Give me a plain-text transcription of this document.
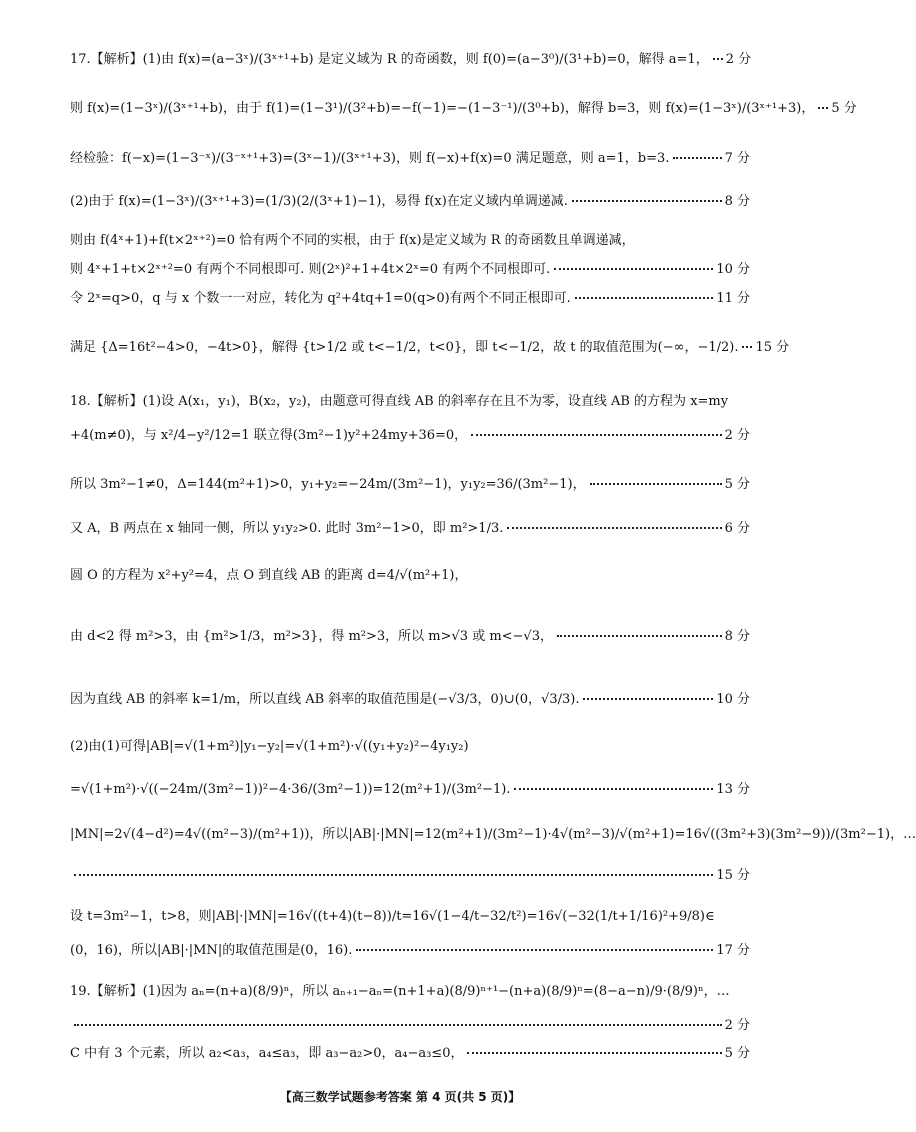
17.【解析】(1)由 f(x)=(a−3ˣ)/(3ˣ⁺¹+b) 是定义域为 R 的奇函数，则 f(0)=(a−3⁰)/(3¹+b)=0，解得 a=1， 2 分
则 f(x)=(1−3ˣ)/(3ˣ⁺¹+b)，由于 f(1)=(1−3¹)/(3²+b)=−f(−1)=−(1−3⁻¹)/(3⁰+b)，解得 b=3，则 f(x)=(1−3ˣ)/(3ˣ⁺¹+3)， 5 分
经检验：f(−x)=(1−3⁻ˣ)/(3⁻ˣ⁺¹+3)=(3ˣ−1)/(3ˣ⁺¹+3)，则 f(−x)+f(x)=0 满足题意，则 a=1，b=3.	7 分
(2)由于 f(x)=(1−3ˣ)/(3ˣ⁺¹+3)=(1/3)(2/(3ˣ+1)−1)，易得 f(x)在定义域内单调递减.	8 分
则由 f(4ˣ+1)+f(t×2ˣ⁺²)=0 恰有两个不同的实根，由于 f(x)是定义域为 R 的奇函数且单调递减，
则 4ˣ+1+t×2ˣ⁺²=0 有两个不同根即可. 则(2ˣ)²+1+4t×2ˣ=0 有两个不同根即可.	10 分
令 2ˣ=q>0，q 与 x 个数一一对应，转化为 q²+4tq+1=0(q>0)有两个不同正根即可.	11 分
满足 {Δ=16t²−4>0，−4t>0}，解得 {t>1/2 或 t<−1/2，t<0}，即 t<−1/2，故 t 的取值范围为(−∞，−1/2). 15 分
18.【解析】(1)设 A(x₁，y₁)，B(x₂，y₂)，由题意可得直线 AB 的斜率存在且不为零，设直线 AB 的方程为 x=my
+4(m≠0)，与 x²/4−y²/12=1 联立得(3m²−1)y²+24my+36=0，	2 分
所以 3m²−1≠0，Δ=144(m²+1)>0，y₁+y₂=−24m/(3m²−1)，y₁y₂=36/(3m²−1)，	5 分
又 A，B 两点在 x 轴同一侧，所以 y₁y₂>0. 此时 3m²−1>0，即 m²>1/3.	6 分
圆 O 的方程为 x²+y²=4，点 O 到直线 AB 的距离 d=4/√(m²+1)，
由 d<2 得 m²>3，由 {m²>1/3，m²>3}，得 m²>3，所以 m>√3 或 m<−√3，	8 分
因为直线 AB 的斜率 k=1/m，所以直线 AB 斜率的取值范围是(−√3/3，0)∪(0，√3/3).	10 分
(2)由(1)可得|AB|=√(1+m²)|y₁−y₂|=√(1+m²)·√((y₁+y₂)²−4y₁y₂)
=√(1+m²)·√((−24m/(3m²−1))²−4·36/(3m²−1))=12(m²+1)/(3m²−1).	13 分
|MN|=2√(4−d²)=4√((m²−3)/(m²+1))，所以|AB|·|MN|=12(m²+1)/(3m²−1)·4√(m²−3)/√(m²+1)=16√((3m²+3)(3m²−9))/(3m²−1)，…
15 分
设 t=3m²−1，t>8，则|AB|·|MN|=16√((t+4)(t−8))/t=16√(1−4/t−32/t²)=16√(−32(1/t+1/16)²+9/8)∈
(0，16)，所以|AB|·|MN|的取值范围是(0，16).	17 分
19.【解析】(1)因为 aₙ=(n+a)(8/9)ⁿ，所以 aₙ₊₁−aₙ=(n+1+a)(8/9)ⁿ⁺¹−(n+a)(8/9)ⁿ=(8−a−n)/9·(8/9)ⁿ，…
2 分
C 中有 3 个元素，所以 a₂<a₃，a₄≤a₃，即 a₃−a₂>0，a₄−a₃≤0，	5 分
【高三数学试题参考答案 第 4 页(共 5 页)】
